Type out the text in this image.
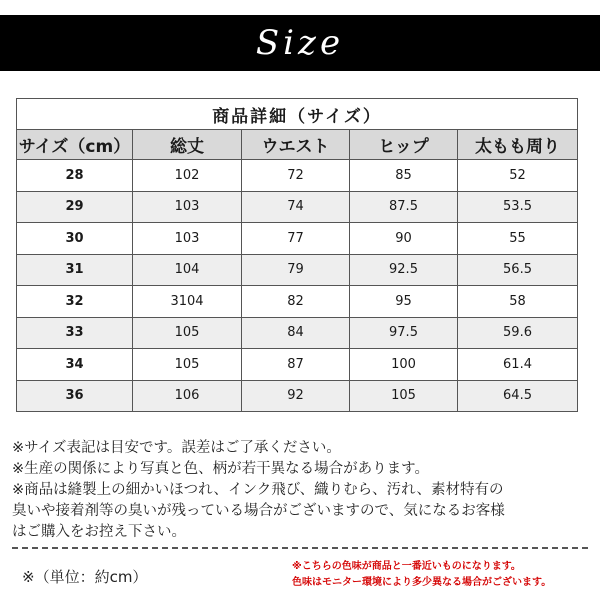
Size
商品詳細（サイズ）				
サイズ（cm）	総丈	ウエスト	ヒップ	太もも周り
28	102	72	85	52
29	103	74	87.5	53.5
30	103	77	90	55
31	104	79	92.5	56.5
32	3104	82	95	58
33	105	84	97.5	59.6
34	105	87	100	61.4
36	106	92	105	64.5

※サイズ表記は目安です。誤差はご了承ください。

※生産の関係により写真と色、柄が若干異なる場合があります。

※商品は縫製上の細かいほつれ、インク飛び、織りむら、汚れ、素材特有の

臭いや接着剤等の臭いが残っている場合がございますので、気になるお客様

はご購入をお控え下さい。

※（単位：約cm）

※こちらの色味が商品と一番近いものになります。

色味はモニター環境により多少異なる場合がございます。
